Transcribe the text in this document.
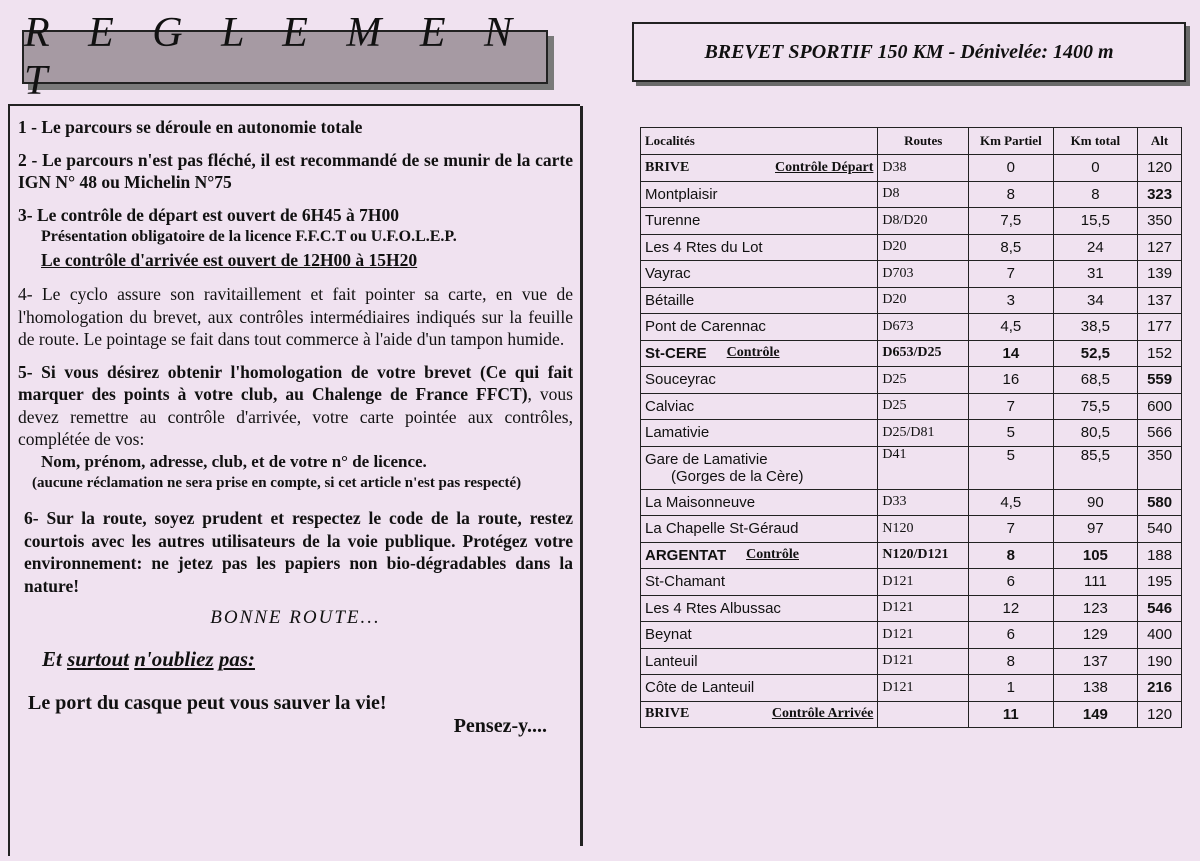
R E G L E M E N T

1 - Le parcours se déroule en autonomie totale

2 - Le parcours n'est pas fléché, il est recommandé de se munir de la carte IGN N° 48 ou Michelin N°75

3- Le contrôle de départ est ouvert de 6H45 à 7H00

Présentation obligatoire de la licence F.F.C.T ou U.F.O.L.E.P.
Le contrôle d'arrivée est ouvert de 12H00 à 15H20

4- Le cyclo assure son ravitaillement et fait pointer sa carte, en vue de l'homologation du brevet, aux contrôles intermédiaires indiqués sur la feuille de route. Le pointage se fait dans tout commerce à l'aide d'un tampon humide.

5- Si vous désirez obtenir l'homologation de votre brevet (Ce qui fait marquer des points à votre club, au Chalenge de France FFCT), vous devez remettre au contrôle d'arrivée, votre carte pointée aux contrôles, complétée de vos:

Nom, prénom, adresse, club, et de votre n° de licence.
(aucune réclamation ne sera prise en compte, si cet article n'est pas respecté)

6- Sur la route, soyez prudent et respectez le code de la route, restez courtois avec les autres utilisateurs de la voie publique. Protégez votre environnement: ne jetez pas les papiers non bio-dégradables dans la nature!

BONNE ROUTE...
Et surtout n'oubliez pas:
Le port du casque peut vous sauver la vie!
Pensez-y....
BREVET SPORTIF 150 KM - Dénivelée: 1400 m
Localités	Routes	Km Partiel	Km total	Alt

BRIVE Contrôle Départ	D38	0	0	120

Montplaisir	D8	8	8	323

Turenne	D8/D20	7,5	15,5	350

Les 4 Rtes du Lot	D20	8,5	24	127

Vayrac	D703	7	31	139

Bétaille	D20	3	34	137

Pont de Carennac	D673	4,5	38,5	177

St-CERE Contrôle	D653/D25	14	52,5	152

Souceyrac	D25	16	68,5	559

Calviac	D25	7	75,5	600

Lamativie	D25/D81	5	80,5	566

Gare de Lamativie
(Gorges de la Cère)	D41	5	85,5	350

La Maisonneuve	D33	4,5	90	580

La Chapelle St-Géraud	N120	7	97	540

ARGENTAT Contrôle	N120/D121	8	105	188

St-Chamant	D121	6	111	195

Les 4 Rtes Albussac	D121	12	123	546

Beynat	D121	6	129	400

Lanteuil	D121	8	137	190

Côte de Lanteuil	D121	1	138	216

BRIVE Contrôle Arrivée		11	149	120
